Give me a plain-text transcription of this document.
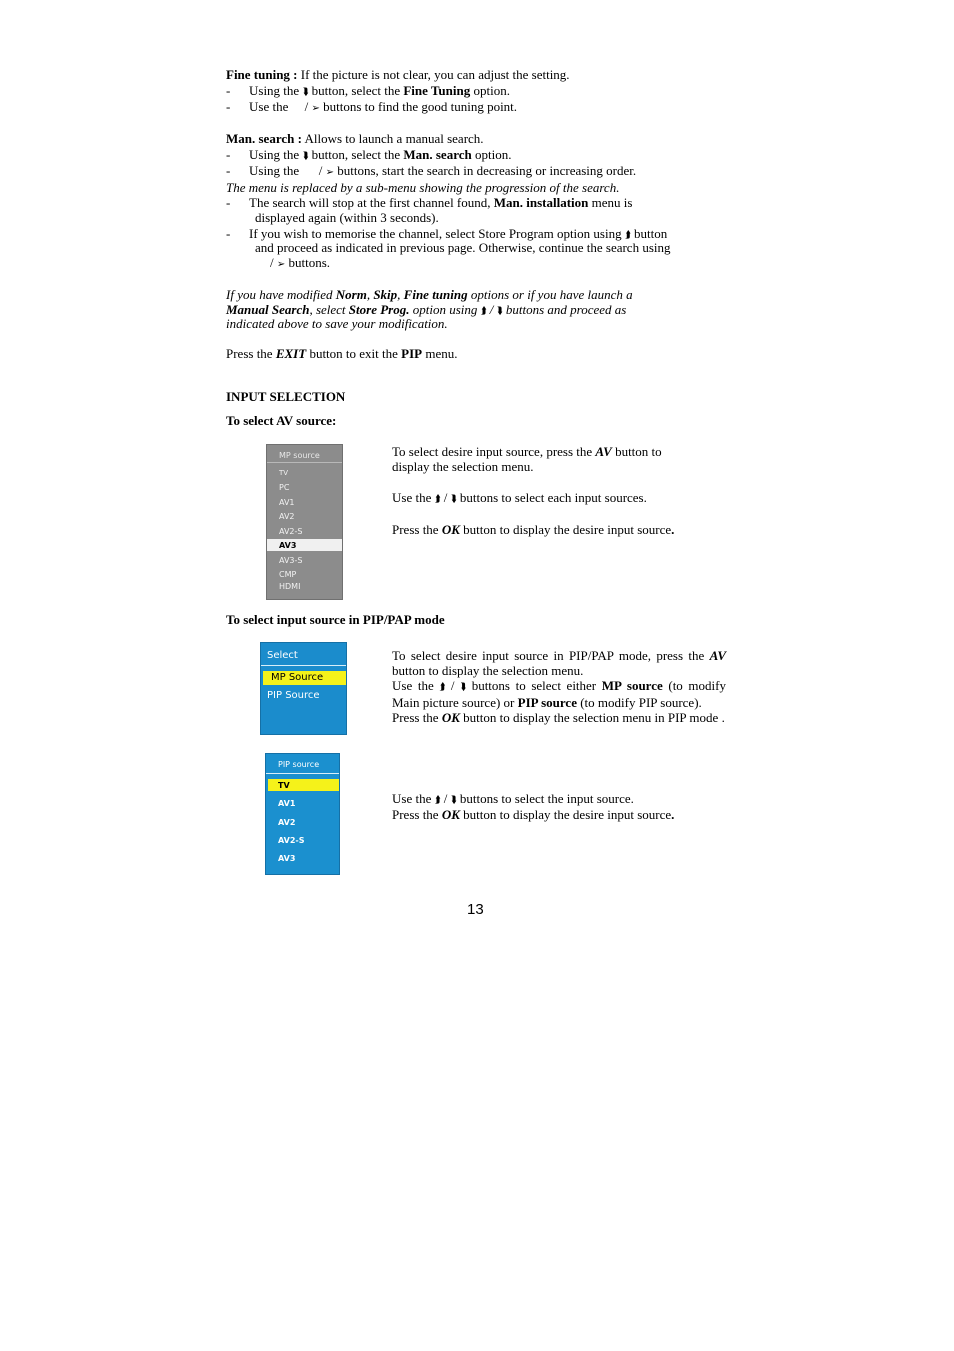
Fine tuning : If the picture is not clear, you can adjust the setting.
- Using the ⮯ button, select the Fine Tuning option.
- Use the     / ➢ buttons to find the good tuning point.
Man. search : Allows to launch a manual search.
- Using the ⮯ button, select the Man. search option.
- Using the      / ➢ buttons, start the search in decreasing or increasing order.
The menu is replaced by a sub-menu showing the progression of the search.
- The search will stop at the first channel found, Man. installation menu is
displayed again (within 3 seconds).
- If you wish to memorise the channel, select Store Program option using ⮭ button
and proceed as indicated in previous page. Otherwise, continue the search using
/ ➢ buttons.
If you have modified Norm, Skip, Fine tuning options or if you have launch a
Manual Search, select Store Prog. option using ⮭ / ⮯ buttons and proceed as
indicated above to save your modification.
Press the EXIT button to exit the PIP menu.
INPUT SELECTION
To select AV source:
MP source
TV
PC
AV1
AV2
AV2-S
AV3
AV3-S
CMP
HDMI
To select desire input source, press the AV button to
display the selection menu.
Use the ⮭ / ⮯ buttons to select each input sources.
Press the OK button to display the desire input source.
To select input source in PIP/PAP mode
Select
MP Source
PIP Source
To select desire input source in PIP/PAP mode, press the AV button to display the selection menu.
Use the ⮭ / ⮯ buttons to select either MP source (to modify Main picture source) or PIP source (to modify PIP source).
Press the OK button to display the selection menu in PIP mode .
PIP source
TV
AV1
AV2
AV2-S
AV3
Use the ⮭ / ⮯ buttons to select the input source.
Press the OK button to display the desire input source.
13
